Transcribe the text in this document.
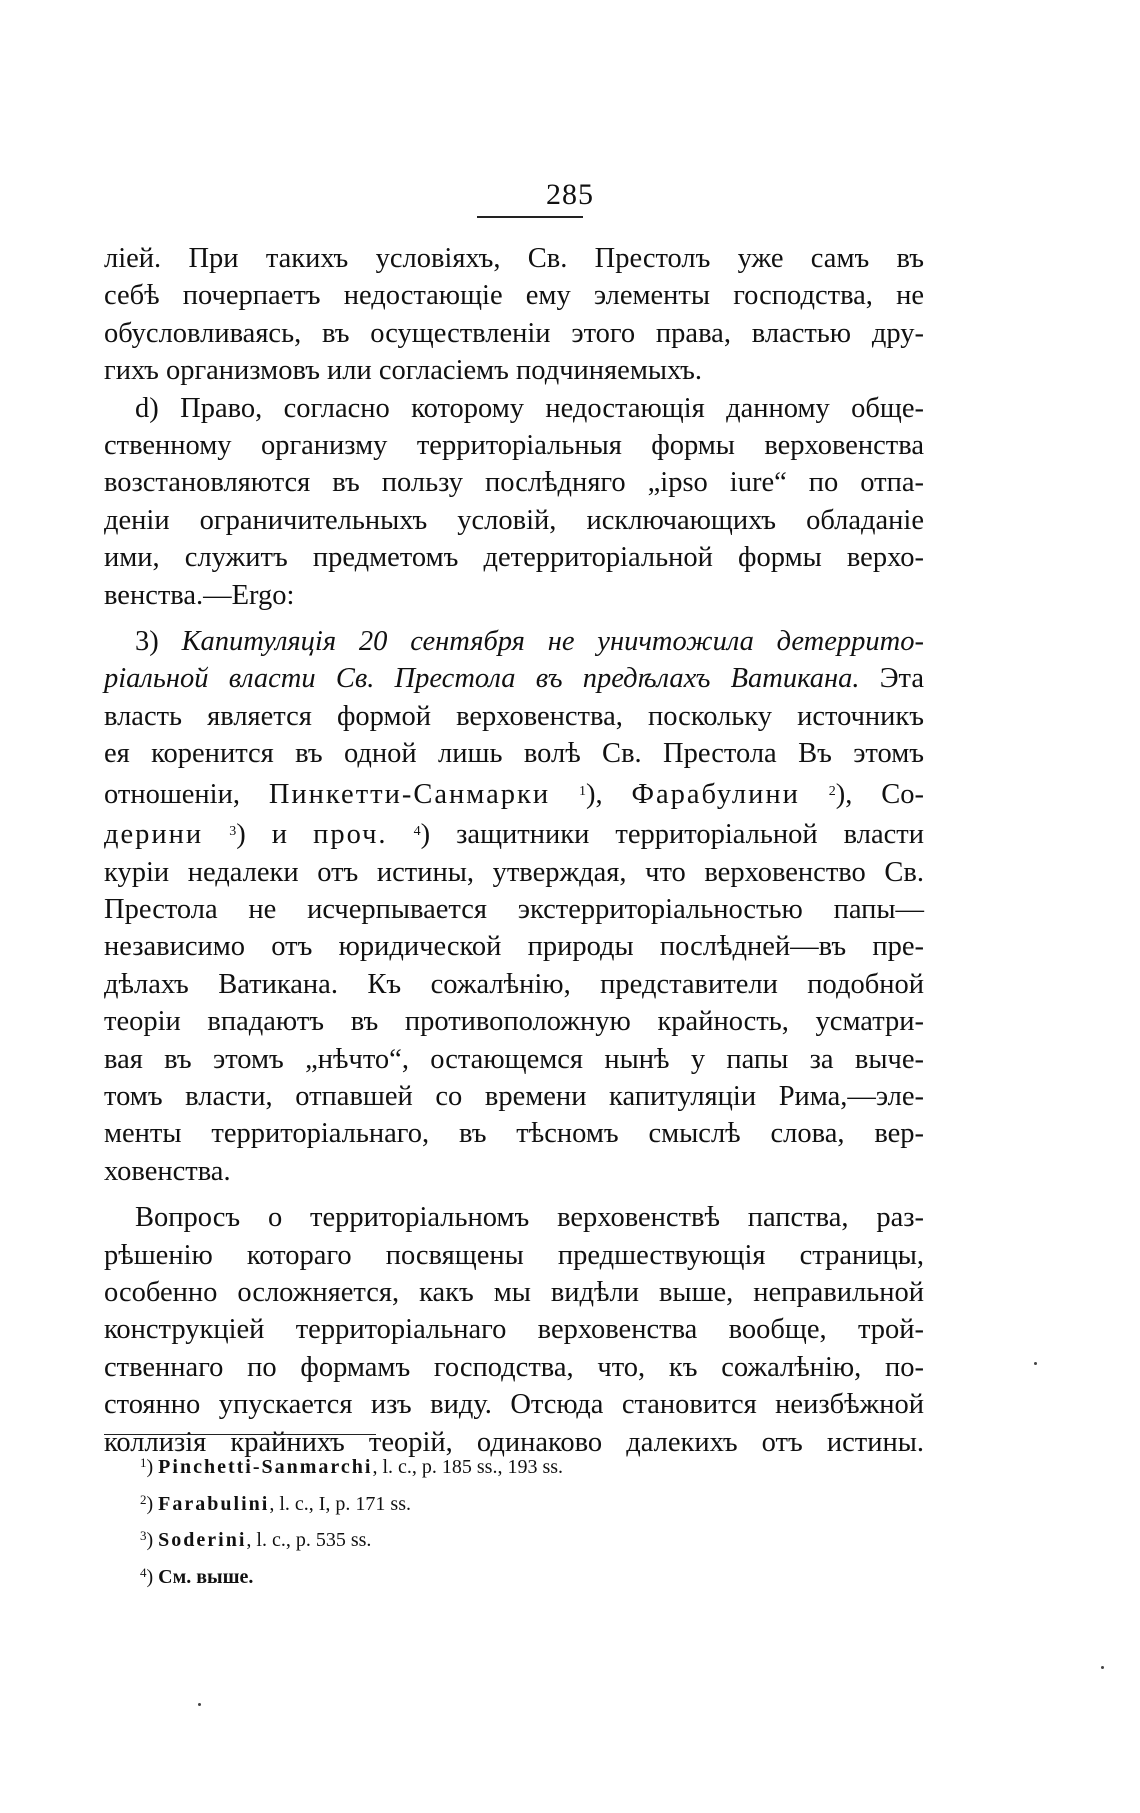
285

лiей. При такихъ условiяхъ, Св. Престолъ уже самъ въ
себѣ почерпаетъ недостающiе ему элементы господства, не
обусловливаясь, въ осуществленiи этого права, властью дру-
гихъ организмовъ или согласiемъ подчиняемыхъ.

d) Право, согласно которому недостающiя данному обще-
ственному организму территорiальныя формы верховенства
возстановляются въ пользу послѣдняго „ipso iure“ по отпа-
денiи ограничительныхъ условiй, исключающихъ обладанiе
ими, служитъ предметомъ детерриторiальной формы верхо-
венства.—Ergo:

3) Капитуляцiя 20 сентября не уничтожила детеррито-
рiальной власти Св. Престола въ предѣлахъ Ватикана. Эта
власть является формой верховенства, поскольку источникъ
ея коренится въ одной лишь волѣ Св. Престола Въ этомъ
отношенiи, Пинкетти-Санмарки $^1$), Фарабулини $^2$), Со-
дерини $^3$) и проч. $^4$) защитники территорiальной власти
курiи недалеки отъ истины, утверждая, что верховенство Св.
Престола не исчерпывается экстерриторiальностью папы—
независимо отъ юридической природы послѣдней—въ пре-
дѣлахъ Ватикана. Къ сожалѣнiю, представители подобной
теорiи впадаютъ въ противоположную крайность, усматри-
вая въ этомъ „нѣчто“, остающемся нынѣ у папы за выче-
томъ власти, отпавшей со времени капитуляцiи Рима,—эле-
менты территорiальнаго, въ тѣсномъ смыслѣ слова, вер-
ховенства.

Вопросъ о территорiальномъ верховенствѣ папства, раз-
рѣшенiю котораго посвящены предшествующiя страницы,
особенно осложняется, какъ мы видѣли выше, неправильной
конструкцiей территорiальнаго верховенства вообще, трой-
ственнаго по формамъ господства, что, къ сожалѣнiю, по-
стоянно упускается изъ виду. Отсюда становится неизбѣжной
коллизiя крайнихъ теорiй, одинаково далекихъ отъ истины.

$^1$) Pinchetti-Sanmarchi, l. c., p. 185 ss., 193 ss.
$^2$) Farabulini, l. c., I, p. 171 ss.
$^3$) Soderini, l. c., p. 535 ss.
$^4$) См. выше.
